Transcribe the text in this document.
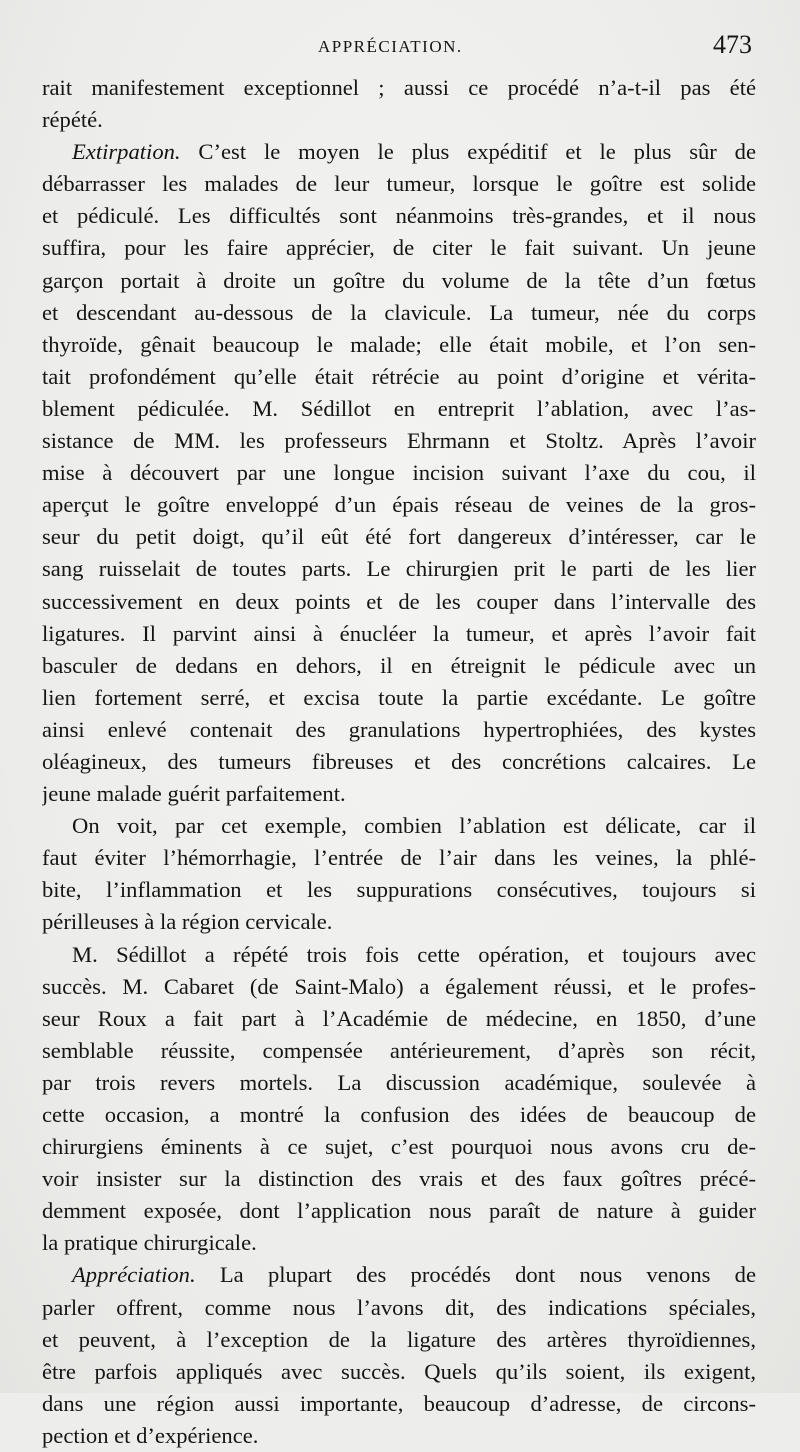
APPRÉCIATION.	473
rait manifestement exceptionnel ; aussi ce procédé n’a-t-il pas été
répété.
Extirpation. C’est le moyen le plus expéditif et le plus sûr de
débarrasser les malades de leur tumeur, lorsque le goître est solide
et pédiculé. Les difficultés sont néanmoins très-grandes, et il nous
suffira, pour les faire apprécier, de citer le fait suivant. Un jeune
garçon portait à droite un goître du volume de la tête d’un fœtus
et descendant au-dessous de la clavicule. La tumeur, née du corps
thyroïde, gênait beaucoup le malade; elle était mobile, et l’on sen-
tait profondément qu’elle était rétrécie au point d’origine et vérita-
blement pédiculée. M. Sédillot en entreprit l’ablation, avec l’as-
sistance de MM. les professeurs Ehrmann et Stoltz. Après l’avoir
mise à découvert par une longue incision suivant l’axe du cou, il
aperçut le goître enveloppé d’un épais réseau de veines de la gros-
seur du petit doigt, qu’il eût été fort dangereux d’intéresser, car le
sang ruisselait de toutes parts. Le chirurgien prit le parti de les lier
successivement en deux points et de les couper dans l’intervalle des
ligatures. Il parvint ainsi à énucléer la tumeur, et après l’avoir fait
basculer de dedans en dehors, il en étreignit le pédicule avec un
lien fortement serré, et excisa toute la partie excédante. Le goître
ainsi enlevé contenait des granulations hypertrophiées, des kystes
oléagineux, des tumeurs fibreuses et des concrétions calcaires. Le
jeune malade guérit parfaitement.
On voit, par cet exemple, combien l’ablation est délicate, car il
faut éviter l’hémorrhagie, l’entrée de l’air dans les veines, la phlé-
bite, l’inflammation et les suppurations consécutives, toujours si
périlleuses à la région cervicale.
M. Sédillot a répété trois fois cette opération, et toujours avec
succès. M. Cabaret (de Saint-Malo) a également réussi, et le profes-
seur Roux a fait part à l’Académie de médecine, en 1850, d’une
semblable réussite, compensée antérieurement, d’après son récit,
par trois revers mortels. La discussion académique, soulevée à
cette occasion, a montré la confusion des idées de beaucoup de
chirurgiens éminents à ce sujet, c’est pourquoi nous avons cru de-
voir insister sur la distinction des vrais et des faux goîtres précé-
demment exposée, dont l’application nous paraît de nature à guider
la pratique chirurgicale.
Appréciation. La plupart des procédés dont nous venons de
parler offrent, comme nous l’avons dit, des indications spéciales,
et peuvent, à l’exception de la ligature des artères thyroïdiennes,
être parfois appliqués avec succès. Quels qu’ils soient, ils exigent,
dans une région aussi importante, beaucoup d’adresse, de circons-
pection et d’expérience.
